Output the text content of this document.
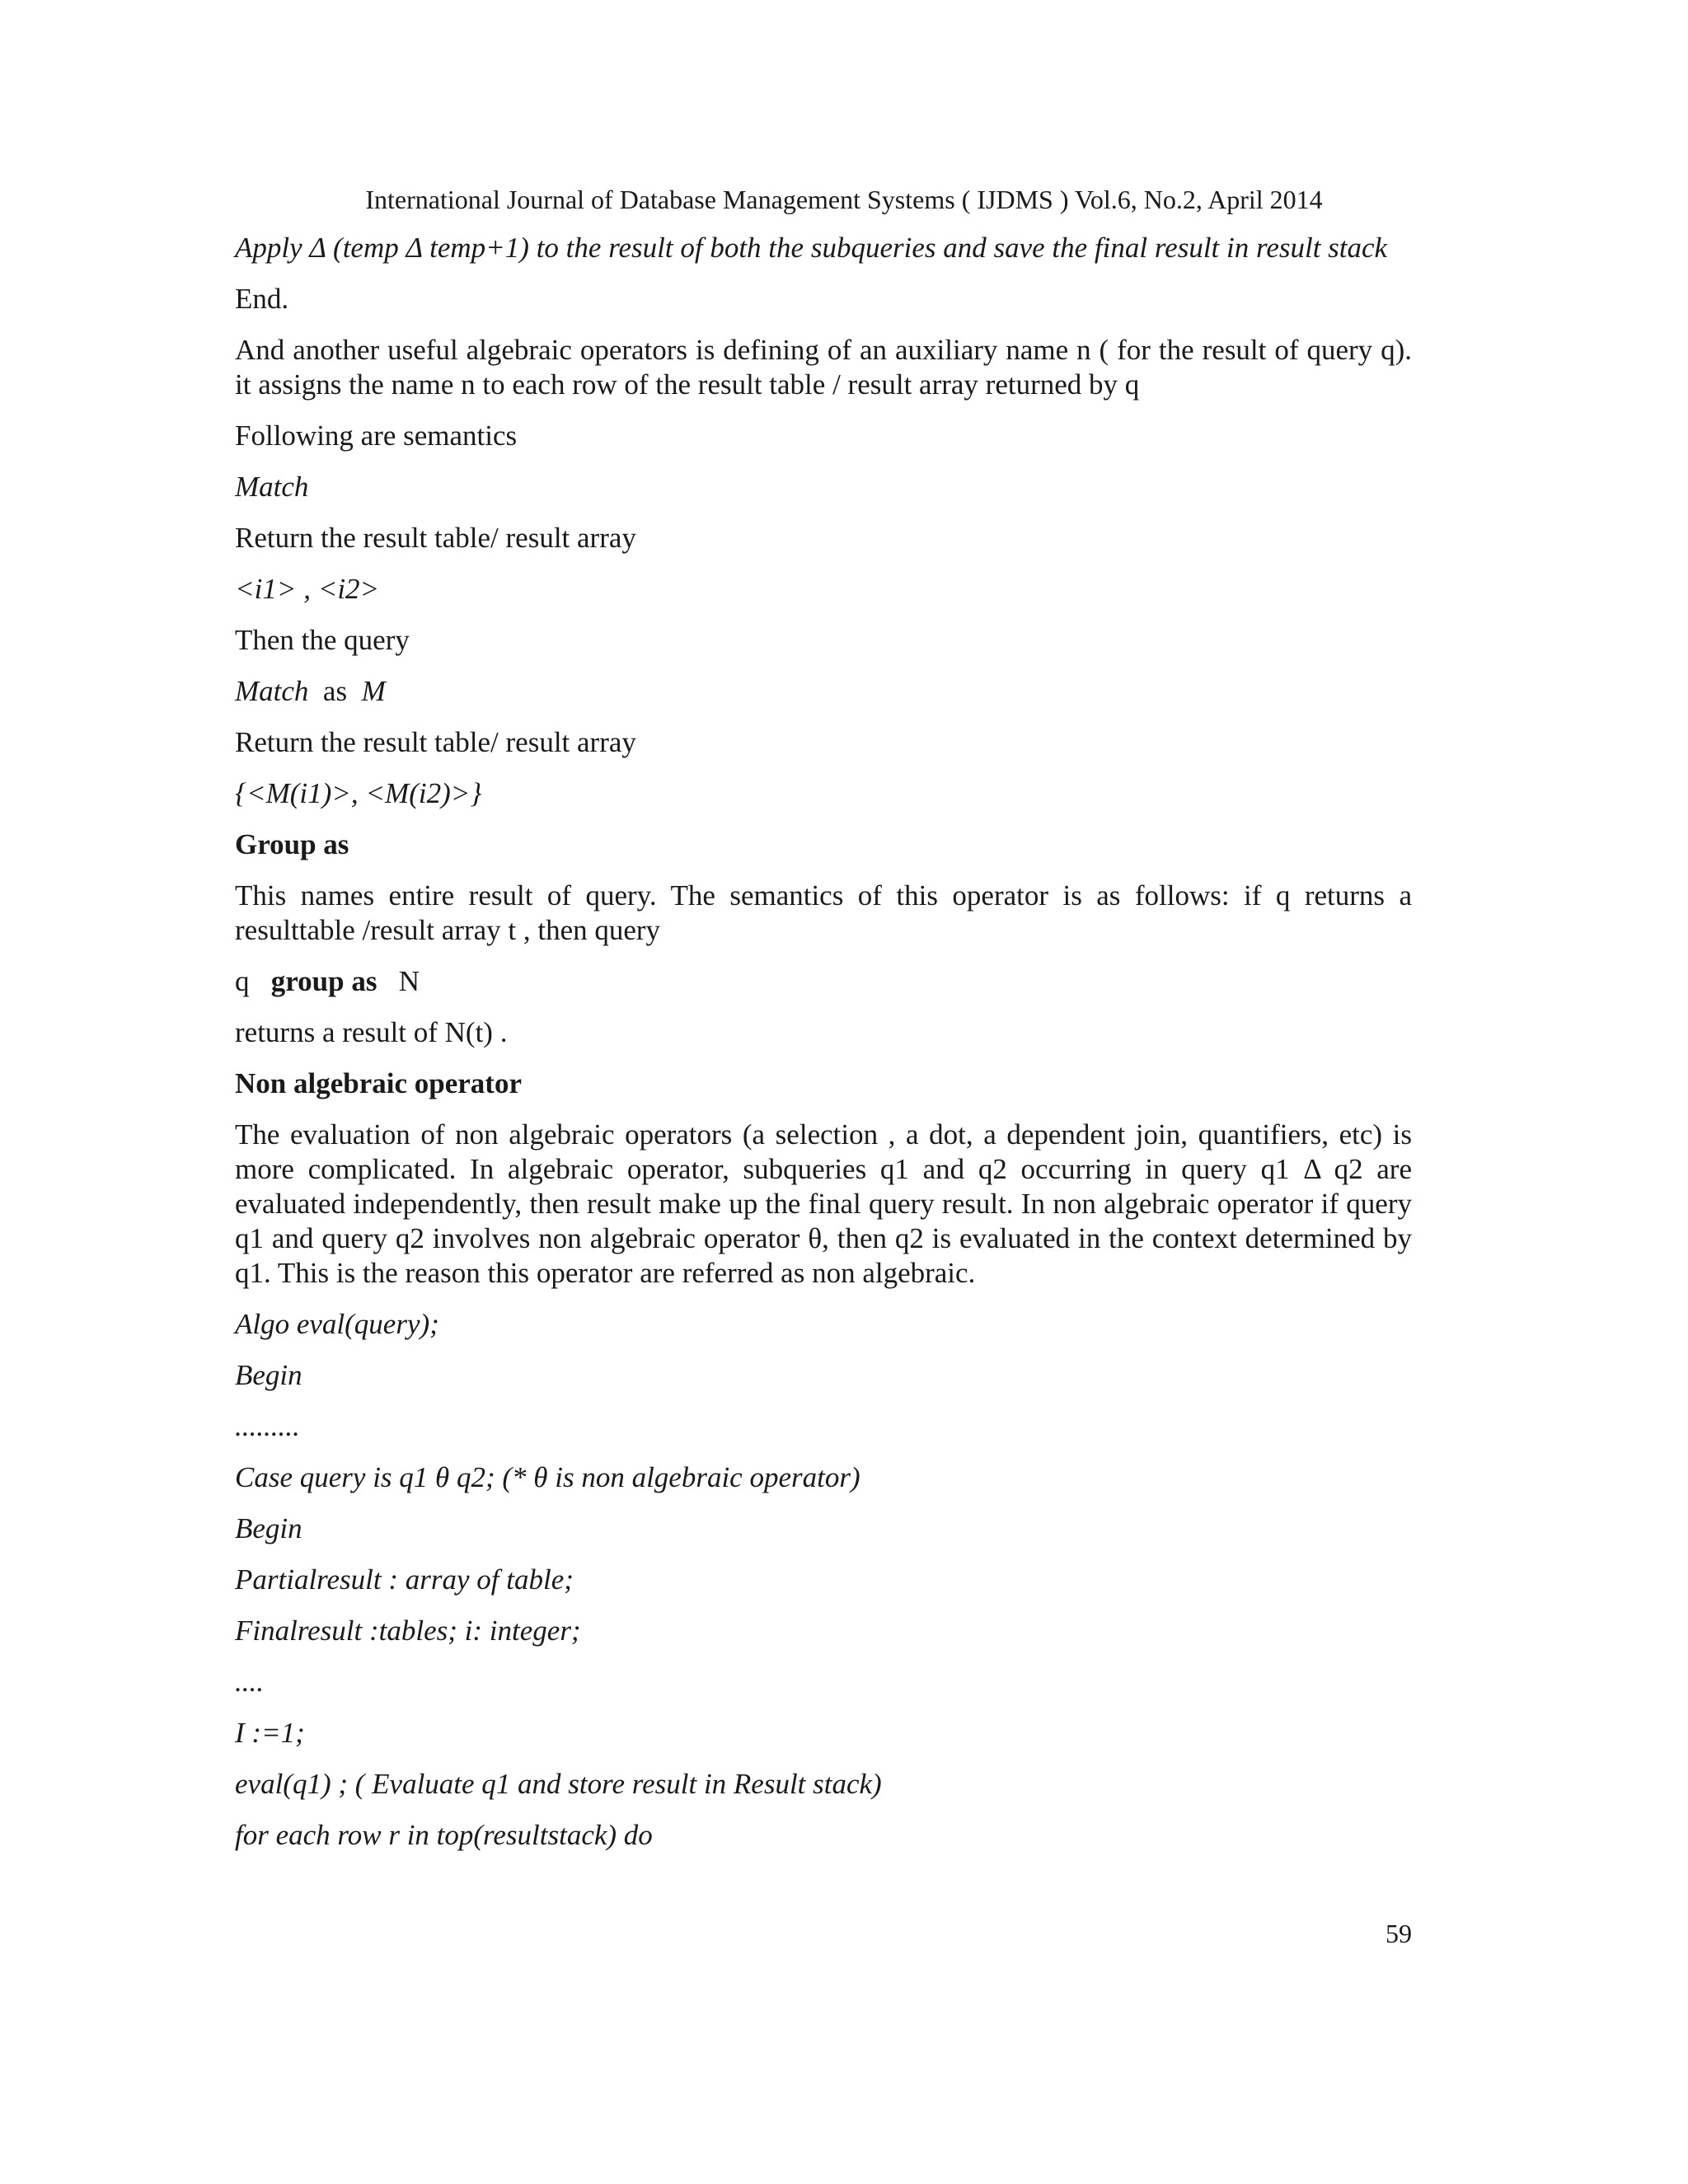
International Journal of Database Management Systems ( IJDMS ) Vol.6, No.2, April 2014

Apply Δ (temp Δ temp+1) to the result of both the subqueries and save the final result in result stack

End.

And another useful algebraic operators is defining of an auxiliary name n ( for the result of query q). it assigns the name n to each row of the result table / result array returned by q

Following are semantics

Match

Return the result table/ result array

<i1> , <i2>

Then the query

Match as M

Return the result table/ result array

{<M(i1)>, <M(i2)>}

Group as

This names entire result of query. The semantics of this operator is as follows: if q returns a resulttable /result array t , then query

q group as N

returns a result of N(t) .

Non algebraic operator

The evaluation of non algebraic operators (a selection , a dot, a dependent join, quantifiers, etc) is more complicated. In algebraic operator, subqueries q1 and q2 occurring in query q1 Δ q2 are evaluated independently, then result make up the final query result. In non algebraic operator if query q1 and query q2 involves non algebraic operator θ, then q2 is evaluated in the context determined by q1. This is the reason this operator are referred as non algebraic.

Algo eval(query);

Begin

.........

Case query is q1 θ q2; (* θ is non algebraic operator)

Begin

Partialresult : array of table;

Finalresult :tables; i: integer;

....

I :=1;

eval(q1) ; ( Evaluate q1 and store result in Result stack)

for each row r in top(resultstack) do

59
